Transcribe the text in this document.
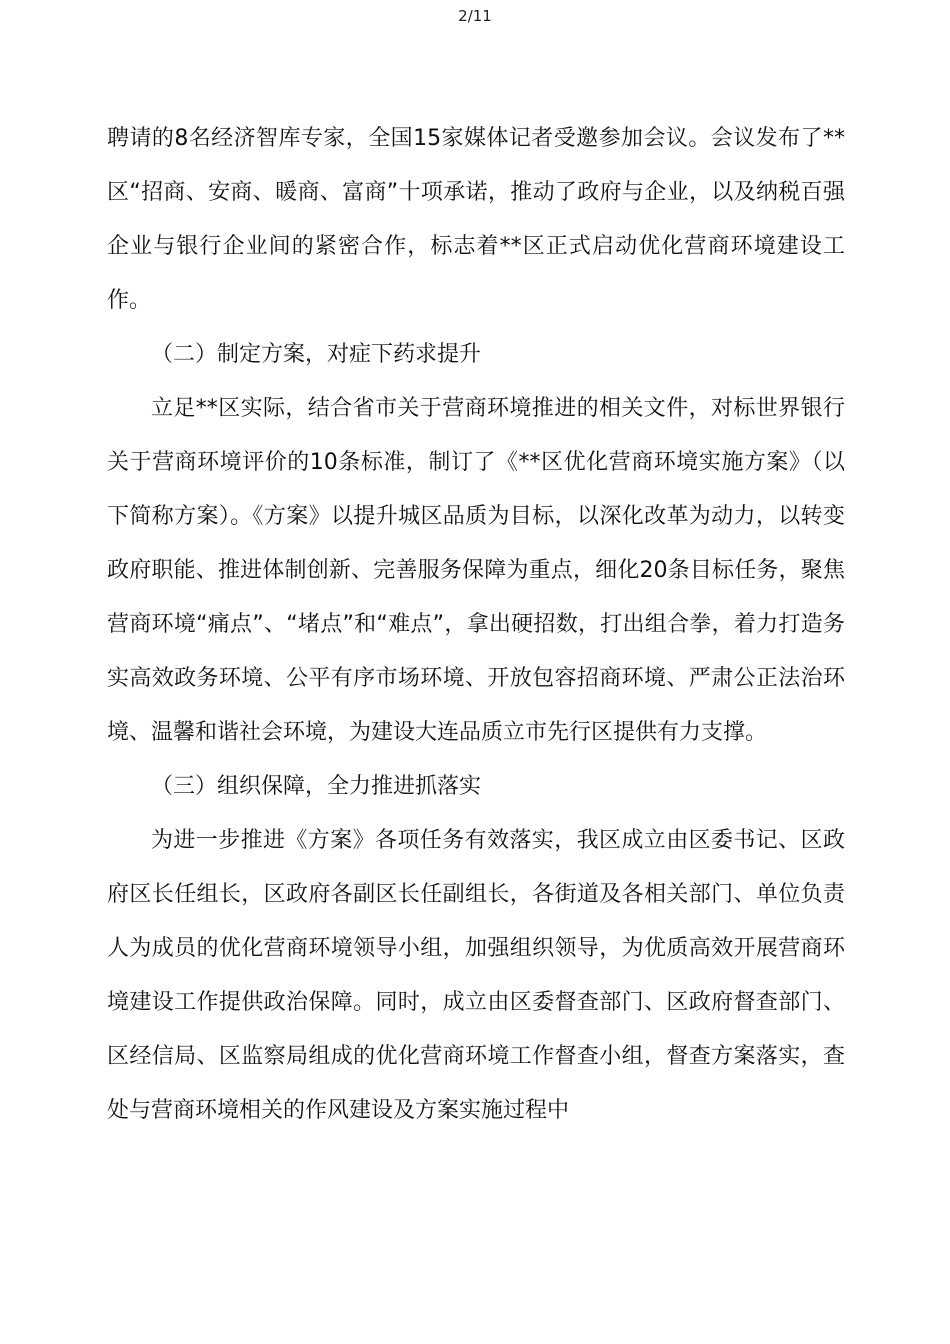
2/11

聘请的8名经济智库专家，全国15家媒体记者受邀参加会议。会议发布了**区“招商、安商、暖商、富商”十项承诺，推动了政府与企业，以及纳税百强企业与银行企业间的紧密合作，标志着**区正式启动优化营商环境建设工作。

（二）制定方案，对症下药求提升

立足**区实际，结合省市关于营商环境推进的相关文件，对标世界银行关于营商环境评价的10条标准，制订了《**区优化营商环境实施方案》（以下简称方案）。《方案》以提升城区品质为目标，以深化改革为动力，以转变政府职能、推进体制创新、完善服务保障为重点，细化20条目标任务，聚焦营商环境“痛点”、“堵点”和“难点”，拿出硬招数，打出组合拳，着力打造务实高效政务环境、公平有序市场环境、开放包容招商环境、严肃公正法治环境、温馨和谐社会环境，为建设大连品质立市先行区提供有力支撑。

（三）组织保障，全力推进抓落实

为进一步推进《方案》各项任务有效落实，我区成立由区委书记、区政府区长任组长，区政府各副区长任副组长，各街道及各相关部门、单位负责人为成员的优化营商环境领导小组，加强组织领导，为优质高效开展营商环境建设工作提供政治保障。同时，成立由区委督查部门、区政府督查部门、区经信局、区监察局组成的优化营商环境工作督查小组，督查方案落实，查处与营商环境相关的作风建设及方案实施过程中
